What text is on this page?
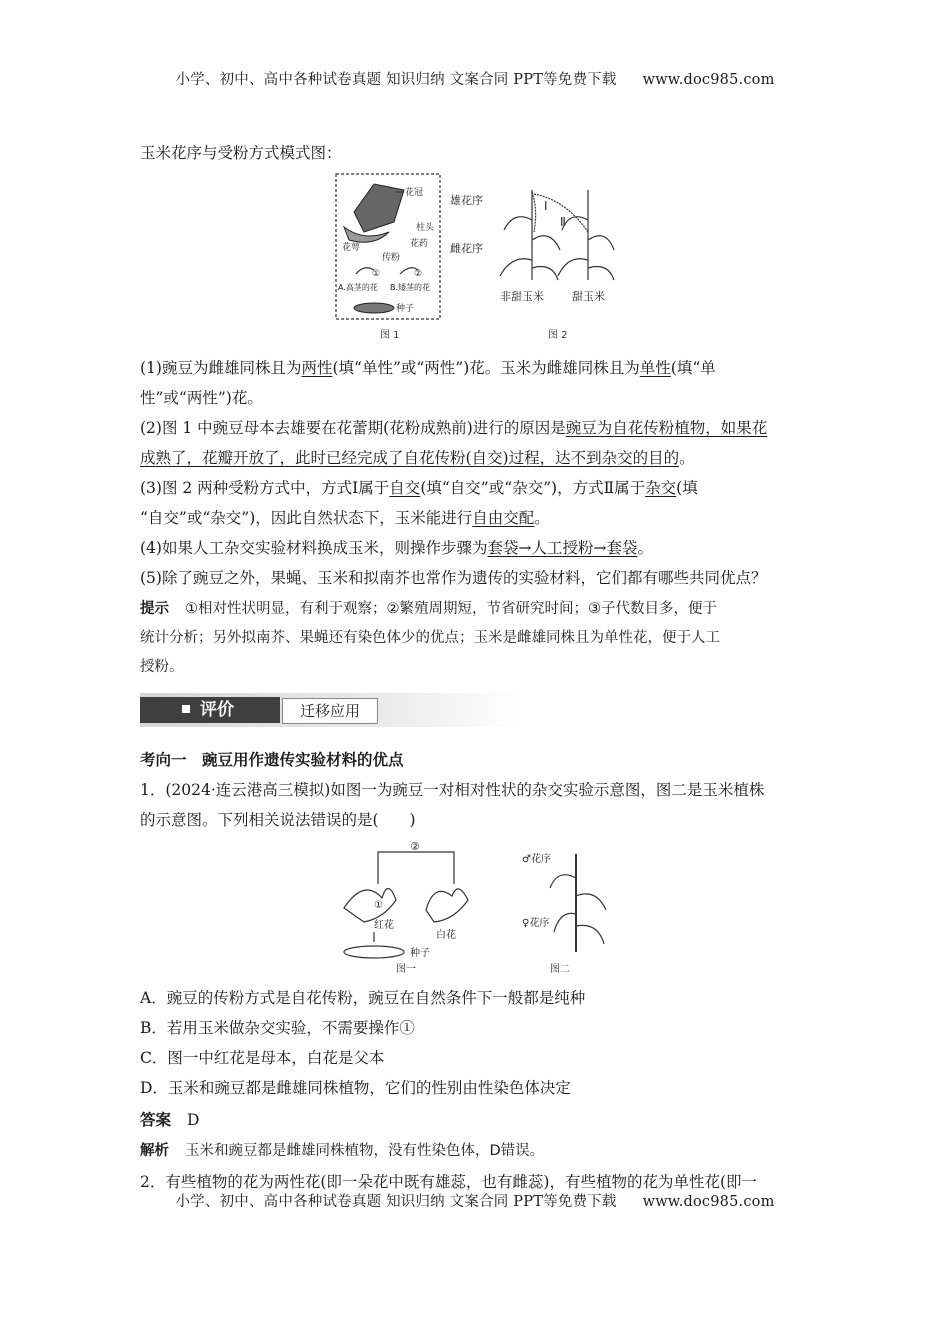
小学、初中、高中各种试卷真题 知识归纳 文案合同 PPT等免费下载 www.doc985.com
玉米花序与受粉方式模式图：
花冠
柱头
花萼	花药
传粉
①	②
A.高茎的花 B.矮茎的花
种子
图 1
雄花序
雌花序
Ⅰ
Ⅱ
非甜玉米	甜玉米
图 2
(1)豌豆为雌雄同株且为两性(填“单性”或“两性”)花。玉米为雌雄同株且为单性(填“单
性”或“两性”)花。
(2)图 1 中豌豆母本去雄要在花蕾期(花粉成熟前)进行的原因是豌豆为自花传粉植物，如果花
成熟了，花瓣开放了，此时已经完成了自花传粉(自交)过程，达不到杂交的目的。
(3)图 2 两种受粉方式中，方式Ⅰ属于自交(填“自交”或“杂交”)，方式Ⅱ属于杂交(填
“自交”或“杂交”)，因此自然状态下，玉米能进行自由交配。
(4)如果人工杂交实验材料换成玉米，则操作步骤为套袋→人工授粉→套袋。
(5)除了豌豆之外，果蝇、玉米和拟南芥也常作为遗传的实验材料，它们都有哪些共同优点？
提示 ①相对性状明显，有利于观察；②繁殖周期短，节省研究时间；③子代数目多，便于
统计分析；另外拟南芥、果蝇还有染色体少的优点；玉米是雌雄同株且为单性花，便于人工
授粉。
评价	迁移应用
考向一　豌豆用作遗传实验材料的优点
1．(2024·连云港高三模拟)如图一为豌豆一对相对性状的杂交实验示意图，图二是玉米植株
的示意图。下列相关说法错误的是(　　)
②
①
红花
白花
种子
图一
♂花序
♀花序
图二
A．豌豆的传粉方式是自花传粉，豌豆在自然条件下一般都是纯种
B．若用玉米做杂交实验，不需要操作①
C．图一中红花是母本，白花是父本
D．玉米和豌豆都是雌雄同株植物，它们的性别由性染色体决定
答案 D
解析 玉米和豌豆都是雌雄同株植物，没有性染色体，D错误。
2．有些植物的花为两性花(即一朵花中既有雄蕊，也有雌蕊)，有些植物的花为单性花(即一
小学、初中、高中各种试卷真题 知识归纳 文案合同 PPT等免费下载 www.doc985.com
